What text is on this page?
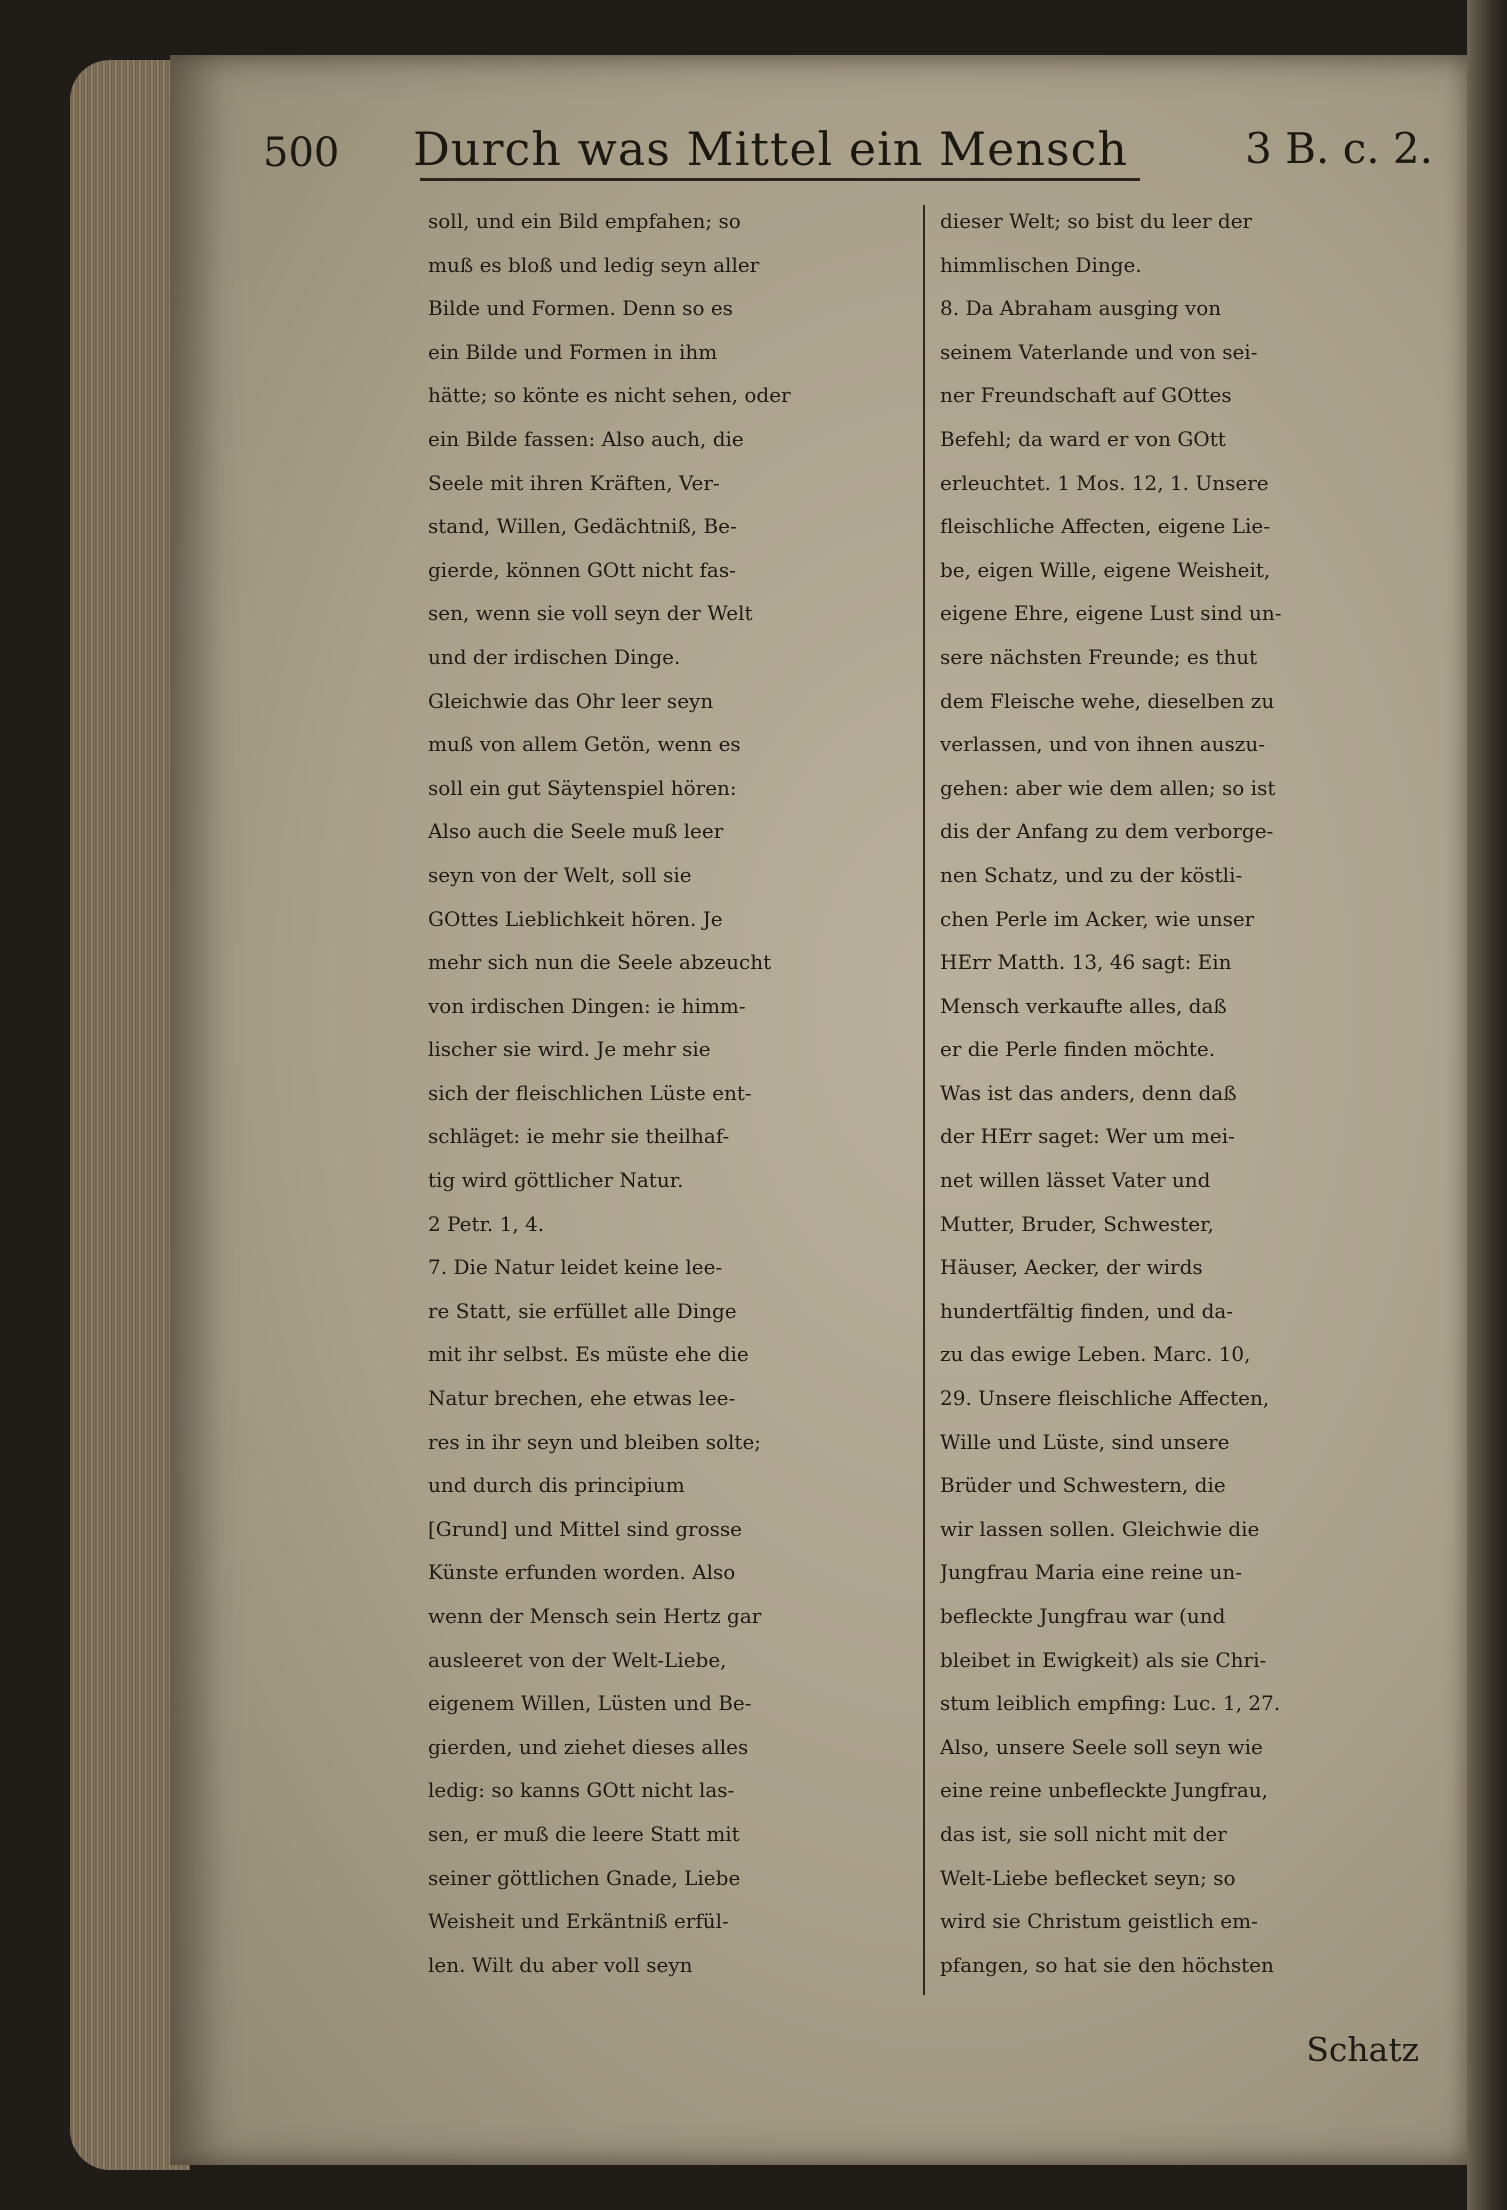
500 Durch was Mittel ein Mensch	3 B. c. 2.
soll, und ein Bild empfahen; so
muß es bloß und ledig seyn aller
Bilde und Formen. Denn so es
ein Bilde und Formen in ihm
hätte; so könte es nicht sehen, oder
ein Bilde fassen: Also auch, die
Seele mit ihren Kräften, Ver-
stand, Willen, Gedächtniß, Be-
gierde, können GOtt nicht fas-
sen, wenn sie voll seyn der Welt
und der irdischen Dinge.
Gleichwie das Ohr leer seyn
muß von allem Getön, wenn es
soll ein gut Säytenspiel hören:
Also auch die Seele muß leer
seyn von der Welt, soll sie
GOttes Lieblichkeit hören. Je
mehr sich nun die Seele abzeucht
von irdischen Dingen: ie himm-
lischer sie wird. Je mehr sie
sich der fleischlichen Lüste ent-
schläget: ie mehr sie theilhaf-
tig wird göttlicher Natur.
2 Petr. 1, 4.
7. Die Natur leidet keine lee-
re Statt, sie erfüllet alle Dinge
mit ihr selbst. Es müste ehe die
Natur brechen, ehe etwas lee-
res in ihr seyn und bleiben solte;
und durch dis principium
[Grund] und Mittel sind grosse
Künste erfunden worden. Also
wenn der Mensch sein Hertz gar
ausleeret von der Welt-Liebe,
eigenem Willen, Lüsten und Be-
gierden, und ziehet dieses alles
ledig: so kanns GOtt nicht las-
sen, er muß die leere Statt mit
seiner göttlichen Gnade, Liebe
Weisheit und Erkäntniß erfül-
len. Wilt du aber voll seyn
dieser Welt; so bist du leer der
himmlischen Dinge.
8. Da Abraham ausging von
seinem Vaterlande und von sei-
ner Freundschaft auf GOttes
Befehl; da ward er von GOtt
erleuchtet. 1 Mos. 12, 1. Unsere
fleischliche Affecten, eigene Lie-
be, eigen Wille, eigene Weisheit,
eigene Ehre, eigene Lust sind un-
sere nächsten Freunde; es thut
dem Fleische wehe, dieselben zu
verlassen, und von ihnen auszu-
gehen: aber wie dem allen; so ist
dis der Anfang zu dem verborge-
nen Schatz, und zu der köstli-
chen Perle im Acker, wie unser
HErr Matth. 13, 46 sagt: Ein
Mensch verkaufte alles, daß
er die Perle finden möchte.
Was ist das anders, denn daß
der HErr saget: Wer um mei-
net willen lässet Vater und
Mutter, Bruder, Schwester,
Häuser, Aecker, der wirds
hundertfältig finden, und da-
zu das ewige Leben. Marc. 10,
29. Unsere fleischliche Affecten,
Wille und Lüste, sind unsere
Brüder und Schwestern, die
wir lassen sollen. Gleichwie die
Jungfrau Maria eine reine un-
befleckte Jungfrau war (und
bleibet in Ewigkeit) als sie Chri-
stum leiblich empfing: Luc. 1, 27.
Also, unsere Seele soll seyn wie
eine reine unbefleckte Jungfrau,
das ist, sie soll nicht mit der
Welt-Liebe beflecket seyn; so
wird sie Christum geistlich em-
pfangen, so hat sie den höchsten
Schatz
